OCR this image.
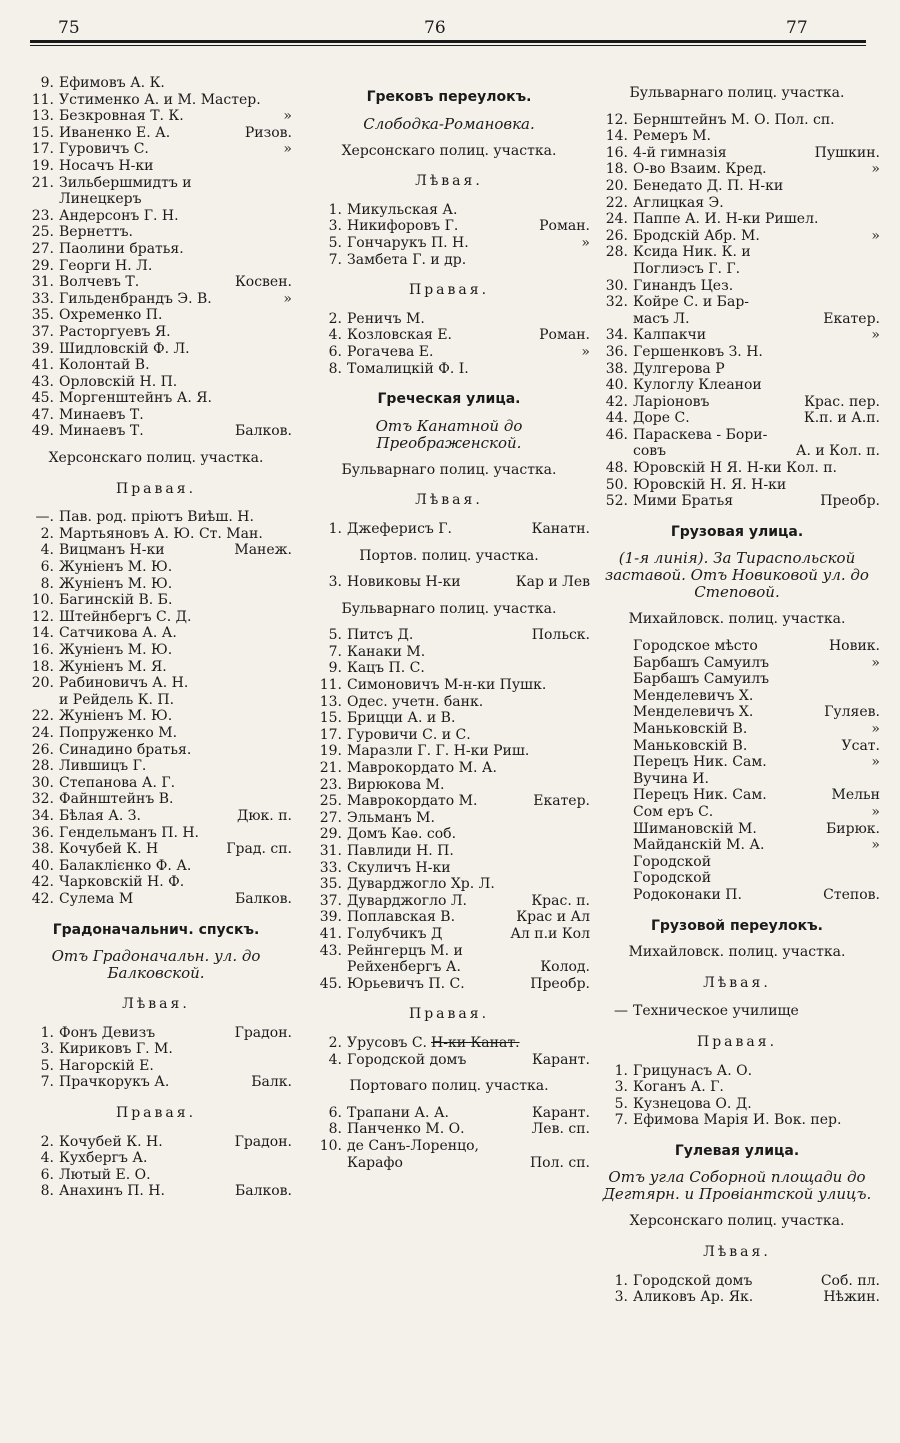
75	76	77
9. Ефимовъ А. К.
11. Устименко А. и М. Мастер.
13. Безкровная Т. К.	»
15. Иваненко Е. А.	Ризов.
17. Гуровичъ С.	»
19. Носачъ Н-ки
21. Зильбершмидтъ и
Линецкеръ
23. Андерсонъ Г. Н.
25. Вернеттъ.
27. Паолини братья.
29. Георги Н. Л.
31. Волчевъ Т.	Косвен.
33. Гильденбрандъ Э. В.	»
35. Охременко П.
37. Расторгуевъ Я.
39. Шидловскій Ф. Л.
41. Колонтай В.
43. Орловскій Н. П.
45. Моргенштейнъ А. Я.
47. Минаевъ Т.
49. Минаевъ Т.	Балков.
Херсонскаго полиц. участка.
Правая.
—. Пав. род. пріютъ Виѣш. Н.
2. Мартьяновъ А. Ю. Ст. Ман.
4. Вицманъ Н-ки	Манеж.
6. Жуніенъ М. Ю.
8. Жуніенъ М. Ю.
10. Багинскій В. Б.
12. Штейнбергъ С. Д.
14. Сатчикова А. А.
16. Жуніенъ М. Ю.
18. Жуніенъ М. Я.
20. Рабиновичъ А. Н.
и Рейдель К. П.
22. Жуніенъ М. Ю.
24. Попруженко М.
26. Синадино братья.
28. Лившицъ Г.
30. Степанова А. Г.
32. Файнштейнъ В.
34. Бѣлая А. З.	Дюк. п.
36. Гендельманъ П. Н.
38. Кочубей К. Н	Град. сп.
40. Балаклієнко Ф. А.
42. Чарковскій Н. Ф.
42. Сулема М	Балков.
Градоначальнич. спускъ.
Отъ Градоначальн. ул. до Балковской.
Лѣвая.
1. Фонъ Девизъ	Градон.
3. Кириковъ Г. М.
5. Нагорскій Е.
7. Прачкорукъ А.	Балк.
Правая.
2. Кочубей К. Н.	Градон.
4. Кухбергъ А.
6. Лютый Е. О.
8. Анахинъ П. Н.	Балков.
Грековъ переулокъ.
Слободка-Романовка.
Херсонскаго полиц. участка.
Лѣвая.
1. Микульская А.
3. Никифоровъ Г.	Роман.
5. Гончарукъ П. Н.	»
7. Замбета Г. и др.
Правая.
2. Реничъ М.
4. Козловская Е.	Роман.
6. Рогачева Е.	»
8. Томалицкій Ф. І.
Греческая улица.
Отъ Канатной до Преображенской.
Бульварнаго полиц. участка.
Лѣвая.
1. Джеферисъ Г.	Канатн.
Портов. полиц. участка.
3. Новиковы Н-ки	Кар и Лев
Бульварнаго полиц. участка.
5. Питсъ Д.	Польск.
7. Канаки М.
9. Кацъ П. С.
11. Симоновичъ М-н-ки Пушк.
13. Одес. учетн. банк.
15. Брицци А. и В.
17. Гуровичи С. и С.
19. Маразли Г. Г. Н-ки Риш.
21. Маврокордато М. А.
23. Вирюкова М.
25. Маврокордато М.	Екатер.
27. Эльманъ М.
29. Домъ Каѳ. соб.
31. Павлиди Н. П.
33. Скуличъ Н-ки
35. Дуварджогло Хр. Л.
37. Дуварджогло Л.	Крас. п.
39. Поплавская В.	Крас и Ал
41. Голубчикъ Д	Ал п.и Кол
43. Рейнгерцъ М. и
Рейхенбергъ А.	Колод.
45. Юрьевичъ П. С.	Преобр.
Правая.
2. Урусовъ С. Н-ки Канат.
4. Городской домъ	Карант.
Портоваго полиц. участка.
6. Трапани А. А.	Карант.
8. Панченко М. О.	Лев. сп.
10. де Санъ-Лоренцо,
Карафо	Пол. сп.
Бульварнаго полиц. участка.
12. Бернштейнъ М. О. Пол. сп.
14. Ремеръ М.
16. 4-й гимназія	Пушкин.
18. О-во Взаим. Кред.	»
20. Бенедато Д. П. Н-ки
22. Аглицкая Э.
24. Паппе А. И. Н-ки Ришел.
26. Бродскій Абр. М.	»
28. Ксида Ник. К. и
Поглиэсъ Г. Г.
30. Гинандъ Цез.
32. Койре С. и Бар-
масъ Л.	Екатер.
34. Калпакчи	»
36. Гершенковъ З. Н.
38. Дулгерова Р
40. Кулоглу Клеанои
42. Ларіоновъ	Крас. пер.
44. Доре С.	К.п. и А.п.
46. Параскева - Бори-
совъ	А. и Кол. п.
48. Юровскій Н Я. Н-ки Кол. п.
50. Юровскій Н. Я. Н-ки
52. Мими Братья	Преобр.
Грузовая улица.
(1-я линія). За Тираспольской заставой. Отъ Новиковой ул. до Степовой.
Михайловск. полиц. участка.
Городское мѣсто	Новик.
Барбашъ Самуилъ	»
Барбашъ Самуилъ
Менделевичъ Х.
Менделевичъ Х.	Гуляев.
Маньковскій В.	»
Маньковскій В.	Усат.
Перецъ Ник. Сам.	»
Вучина И.
Перецъ Ник. Сам.	Мельн
Сом еръ С.	»
Шимановскій М.	Бирюк.
Майданскій М. А.	»
Городской
Городской
Родоконаки П.	Степов.
Грузовой переулокъ.
Михайловск. полиц. участка.
Лѣвая.
— Техническое училище
Правая.
1. Грицунасъ А. О.
3. Коганъ А. Г.
5. Кузнецова О. Д.
7. Ефимова Марія И. Вок. пер.
Гулевая улица.
Отъ угла Соборной площади до Дегтярн. и Провіантской улицъ.
Херсонскаго полиц. участка.
Лѣвая.
1. Городской домъ	Соб. пл.
3. Аликовъ Ар. Як.	Нѣжин.
